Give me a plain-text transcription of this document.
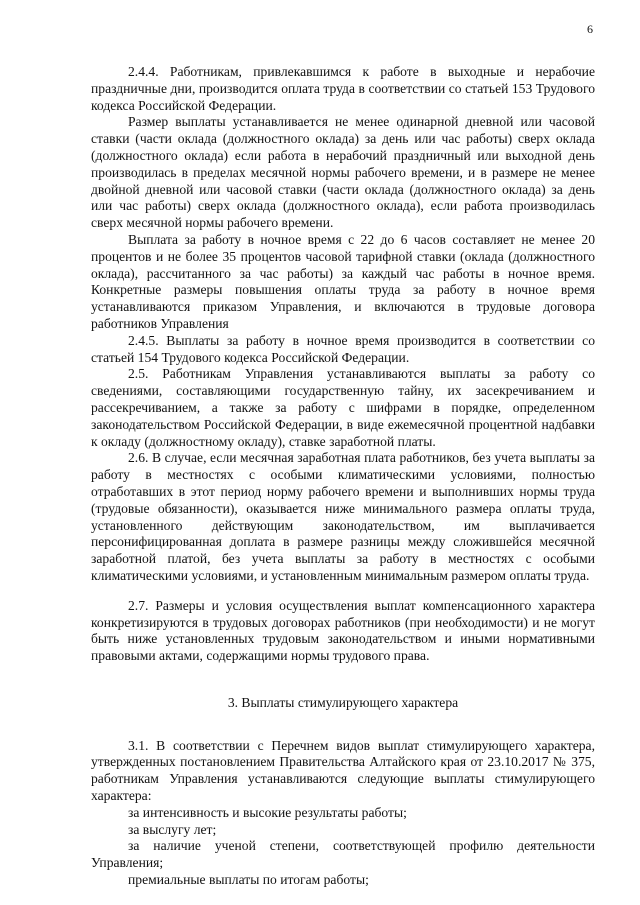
6

2.4.4. Работникам, привлекавшимся к работе в выходные и нерабочие праздничные дни, производится оплата труда в соответствии со статьей 153 Трудового кодекса Российской Федерации.

Размер выплаты устанавливается не менее одинарной дневной или часовой ставки (части оклада (должностного оклада) за день или час работы) сверх оклада (должностного оклада) если работа в нерабочий праздничный или выходной день производилась в пределах месячной нормы рабочего времени, и в размере не менее двойной дневной или часовой ставки (части оклада (должностного оклада) за день или час работы) сверх оклада (должностного оклада), если работа производилась сверх месячной нормы рабочего времени.

Выплата за работу в ночное время с 22 до 6 часов составляет не менее 20 процентов и не более 35 процентов часовой тарифной ставки (оклада (должностного оклада), рассчитанного за час работы) за каждый час работы в ночное время. Конкретные размеры повышения оплаты труда за работу в ночное время устанавливаются приказом Управления, и включаются в трудовые договора работников Управления

2.4.5. Выплаты за работу в ночное время производится в соответствии со статьей 154 Трудового кодекса Российской Федерации.

2.5. Работникам Управления устанавливаются выплаты за работу со сведениями, составляющими государственную тайну, их засекречиванием и рассекречиванием, а также за работу с шифрами в порядке, определенном законодательством Российской Федерации, в виде ежемесячной процентной надбавки к окладу (должностному окладу), ставке заработной платы.

2.6. В случае, если месячная заработная плата работников, без учета выплаты за работу в местностях с особыми климатическими условиями, полностью отработавших в этот период норму рабочего времени и выполнивших нормы труда (трудовые обязанности), оказывается ниже минимального размера оплаты труда, установленного действующим законодательством, им выплачивается персонифицированная доплата в размере разницы между сложившейся месячной заработной платой, без учета выплаты за работу в местностях с особыми климатическими условиями, и установленным минимальным размером оплаты труда.

2.7. Размеры и условия осуществления выплат компенсационного характера конкретизируются в трудовых договорах работников (при необходимости) и не могут быть ниже установленных трудовым законодательством и иными нормативными правовыми актами, содержащими нормы трудового права.

3. Выплаты стимулирующего характера

3.1. В соответствии с Перечнем видов выплат стимулирующего характера, утвержденных постановлением Правительства Алтайского края от 23.10.2017 № 375, работникам Управления устанавливаются следующие выплаты стимулирующего характера:

за интенсивность и высокие результаты работы;

за выслугу лет;

за наличие ученой степени, соответствующей профилю деятельности Управления;

премиальные выплаты по итогам работы;
